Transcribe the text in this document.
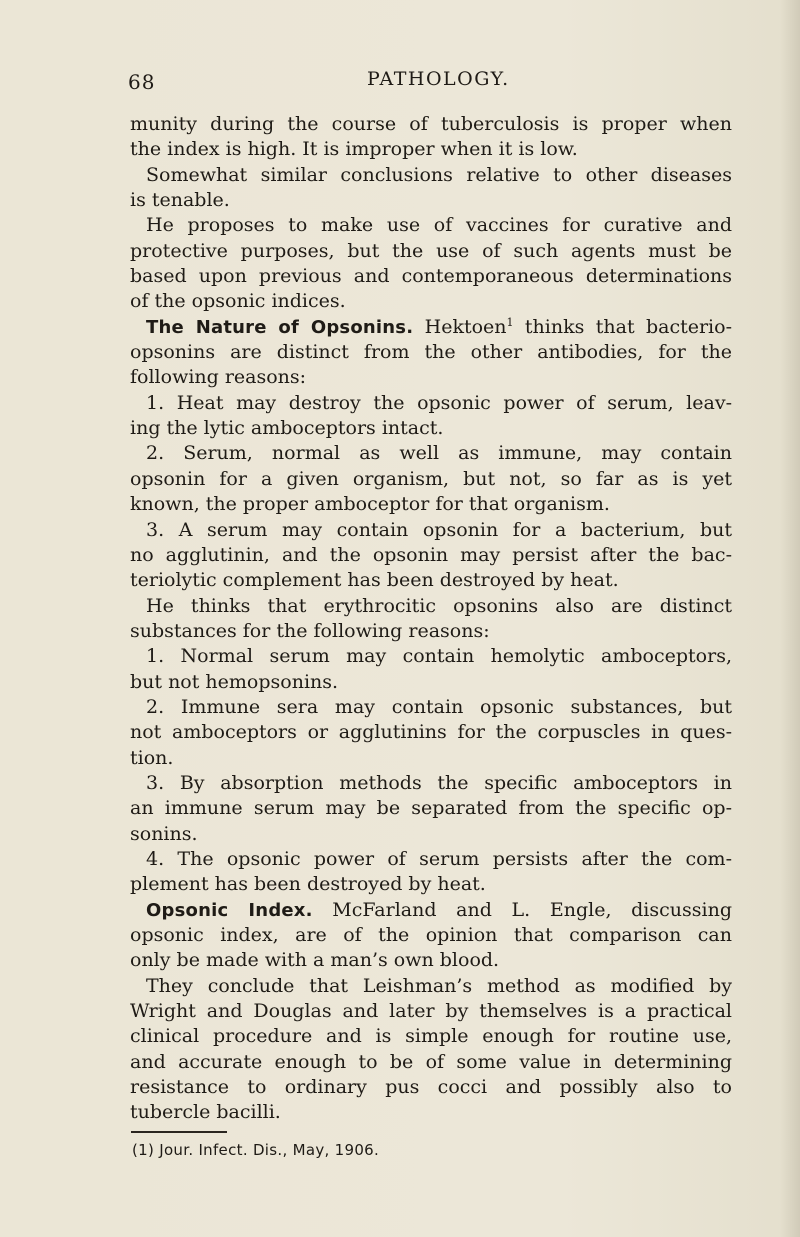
68	PATHOLOGY.
munity during the course of tuberculosis is proper when
the index is high. It is improper when it is low.
Somewhat similar conclusions relative to other diseases
is tenable.
He proposes to make use of vaccines for curative and
protective purposes, but the use of such agents must be
based upon previous and contemporaneous determinations
of the opsonic indices.
The Nature of Opsonins. Hektoen$^1$ thinks that bacterio-
opsonins are distinct from the other antibodies, for the
following reasons:
1. Heat may destroy the opsonic power of serum, leav-
ing the lytic amboceptors intact.
2. Serum, normal as well as immune, may contain
opsonin for a given organism, but not, so far as is yet
known, the proper amboceptor for that organism.
3. A serum may contain opsonin for a bacterium, but
no agglutinin, and the opsonin may persist after the bac-
teriolytic complement has been destroyed by heat.
He thinks that erythrocitic opsonins also are distinct
substances for the following reasons:
1. Normal serum may contain hemolytic amboceptors,
but not hemopsonins.
2. Immune sera may contain opsonic substances, but
not amboceptors or agglutinins for the corpuscles in ques-
tion.
3. By absorption methods the specific amboceptors in
an immune serum may be separated from the specific op-
sonins.
4. The opsonic power of serum persists after the com-
plement has been destroyed by heat.
Opsonic Index. McFarland and L. Engle, discussing
opsonic index, are of the opinion that comparison can
only be made with a man’s own blood.
They conclude that Leishman’s method as modified by
Wright and Douglas and later by themselves is a practical
clinical procedure and is simple enough for routine use,
and accurate enough to be of some value in determining
resistance to ordinary pus cocci and possibly also to
tubercle bacilli.
(1) Jour. Infect. Dis., May, 1906.
